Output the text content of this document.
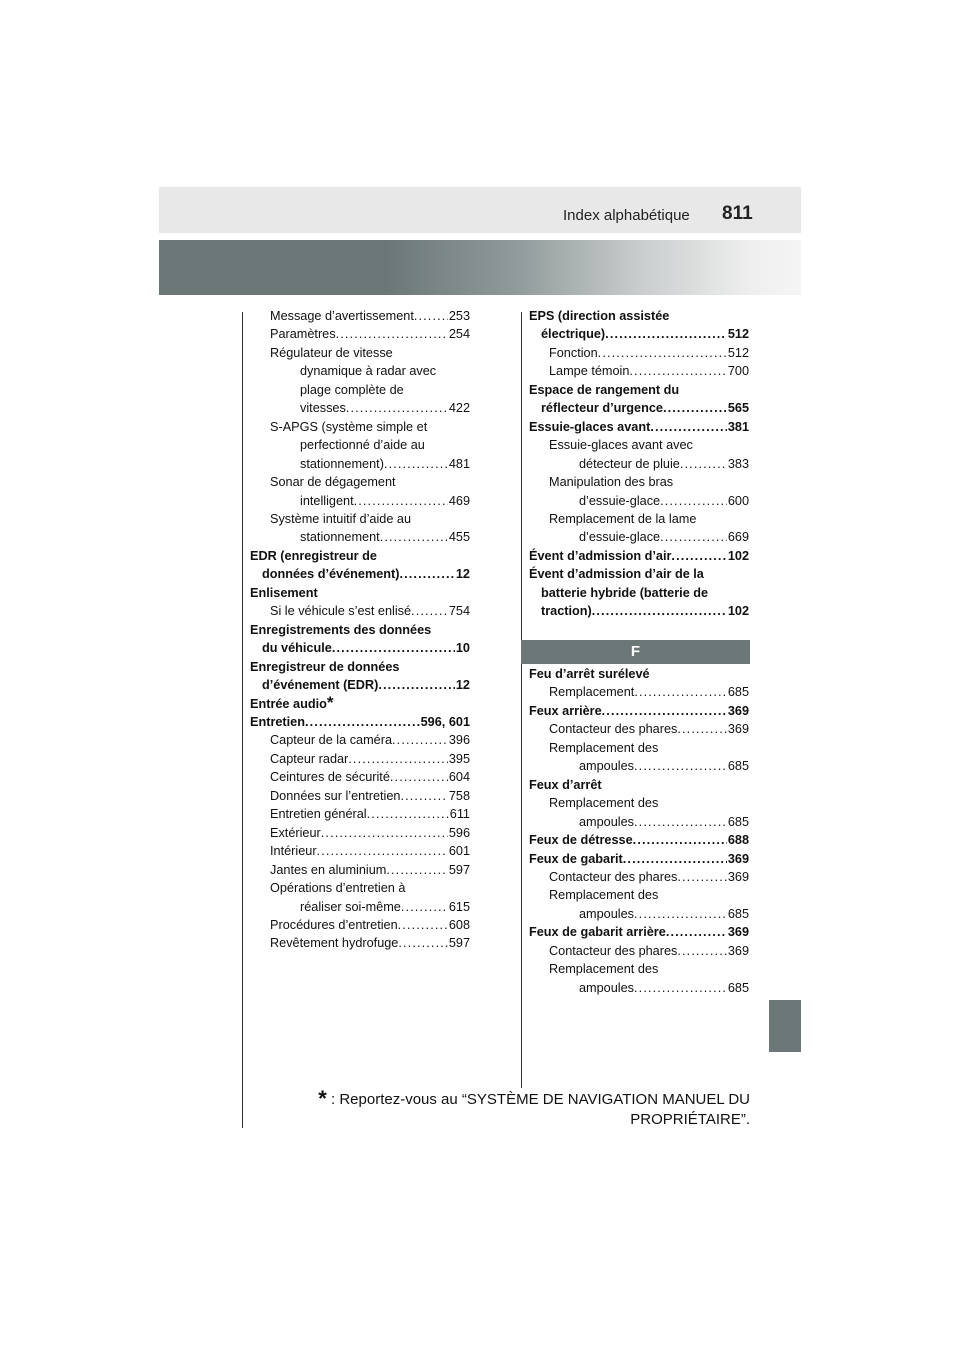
Index alphabétique 811
Message d’avertissement . . .	253
Paramètres . . .	254
Régulateur de vitesse
dynamique à radar avec
plage complète de
vitesses . . .	422
S-APGS (système simple et
perfectionné d’aide au
stationnement) . . .	481
Sonar de dégagement
intelligent . . .	469
Système intuitif d’aide au
stationnement . . .	455
EDR (enregistreur de
données d’événement) . . .	12
Enlisement
Si le véhicule s’est enlisé . . .	754
Enregistrements des données
du véhicule . . .	10
Enregistreur de données
d’événement (EDR) . . .	12
Entrée audio *
Entretien . . .	596, 601
Capteur de la caméra . . .	396
Capteur radar . . .	395
Ceintures de sécurité . . .	604
Données sur l’entretien . . .	758
Entretien général . . .	611
Extérieur . . .	596
Intérieur . . .	601
Jantes en aluminium . . .	597
Opérations d’entretien à
réaliser soi-même . . .	615
Procédures d’entretien . . .	608
Revêtement hydrofuge . . .	597
EPS (direction assistée
électrique) . . .	512
Fonction . . .	512
Lampe témoin . . .	700
Espace de rangement du
réflecteur d’urgence . . .	565
Essuie-glaces avant . . .	381
Essuie-glaces avant avec
détecteur de pluie . . .	383
Manipulation des bras
d’essuie-glace . . .	600
Remplacement de la lame
d’essuie-glace . . .	669
Évent d’admission d’air . . .	102
Évent d’admission d’air de la
batterie hybride (batterie de
traction) . . .	102
F
Feu d’arrêt surélevé
Remplacement . . .	685
Feux arrière . . .	369
Contacteur des phares . . .	369
Remplacement des
ampoules . . .	685
Feux d’arrêt
Remplacement des
ampoules . . .	685
Feux de détresse . . .	688
Feux de gabarit . . .	369
Contacteur des phares . . .	369
Remplacement des
ampoules . . .	685
Feux de gabarit arrière . . .	369
Contacteur des phares . . .	369
Remplacement des
ampoules . . .	685
* : Reportez-vous au “SYSTÈME DE NAVIGATION MANUEL DU
PROPRIÉTAIRE”.
